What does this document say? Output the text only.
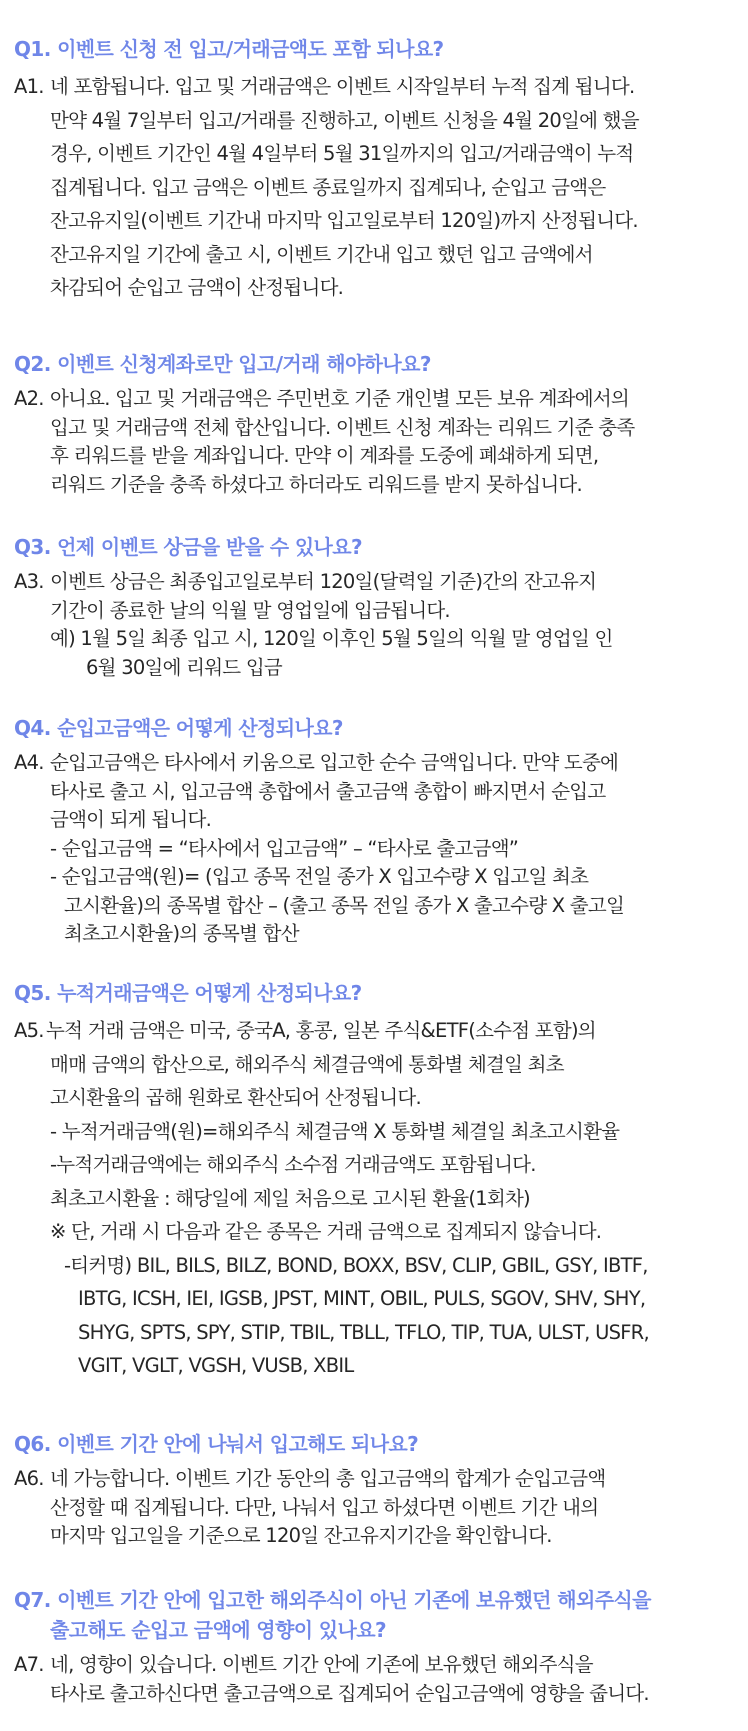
Q1. 이벤트 신청 전 입고/거래금액도 포함 되나요?

A1. 네 포함됩니다. 입고 및 거래금액은 이벤트 시작일부터 누적 집계 됩니다.
만약 4월 7일부터 입고/거래를 진행하고, 이벤트 신청을 4월 20일에 했을
경우, 이벤트 기간인 4월 4일부터 5월 31일까지의 입고/거래금액이 누적
집계됩니다. 입고 금액은 이벤트 종료일까지 집계되나, 순입고 금액은
잔고유지일(이벤트 기간내 마지막 입고일로부터 120일)까지 산정됩니다.
잔고유지일 기간에 출고 시, 이벤트 기간내 입고 했던 입고 금액에서
차감되어 순입고 금액이 산정됩니다.

Q2. 이벤트 신청계좌로만 입고/거래 해야하나요?

A2. 아니요. 입고 및 거래금액은 주민번호 기준 개인별 모든 보유 계좌에서의
입고 및 거래금액 전체 합산입니다. 이벤트 신청 계좌는 리워드 기준 충족
후 리워드를 받을 계좌입니다. 만약 이 계좌를 도중에 폐쇄하게 되면,
리워드 기준을 충족 하셨다고 하더라도 리워드를 받지 못하십니다.

Q3. 언제 이벤트 상금을 받을 수 있나요?

A3. 이벤트 상금은 최종입고일로부터 120일(달력일 기준)간의 잔고유지
기간이 종료한 날의 익월 말 영업일에 입금됩니다.
예) 1월 5일 최종 입고 시, 120일 이후인 5월 5일의 익월 말 영업일 인
6월 30일에 리워드 입금

Q4. 순입고금액은 어떻게 산정되나요?

A4. 순입고금액은 타사에서 키움으로 입고한 순수 금액입니다. 만약 도중에
타사로 출고 시, 입고금액 총합에서 출고금액 총합이 빠지면서 순입고
금액이 되게 됩니다.
- 순입고금액 = “타사에서 입고금액” – “타사로 출고금액”
- 순입고금액(원)= (입고 종목 전일 종가 X 입고수량 X 입고일 최초
고시환율)의 종목별 합산 – (출고 종목 전일 종가 X 출고수량 X 출고일
최초고시환율)의 종목별 합산

Q5. 누적거래금액은 어떻게 산정되나요?

A5. 누적 거래 금액은 미국, 중국A, 홍콩, 일본 주식&ETF(소수점 포함)의
매매 금액의 합산으로, 해외주식 체결금액에 통화별 체결일 최초
고시환율의 곱해 원화로 환산되어 산정됩니다.
- 누적거래금액(원)=해외주식 체결금액 X 통화별 체결일 최초고시환율
-누적거래금액에는 해외주식 소수점 거래금액도 포함됩니다.
최초고시환율 : 해당일에 제일 처음으로 고시된 환율(1회차)
※ 단, 거래 시 다음과 같은 종목은 거래 금액으로 집계되지 않습니다.
-티커명) BIL, BILS, BILZ, BOND, BOXX, BSV, CLIP, GBIL, GSY, IBTF,
IBTG, ICSH, IEI, IGSB, JPST, MINT, OBIL, PULS, SGOV, SHV, SHY,
SHYG, SPTS, SPY, STIP, TBIL, TBLL, TFLO, TIP, TUA, ULST, USFR,
VGIT, VGLT, VGSH, VUSB, XBIL

Q6. 이벤트 기간 안에 나눠서 입고해도 되나요?

A6. 네 가능합니다. 이벤트 기간 동안의 총 입고금액의 합계가 순입고금액
산정할 때 집계됩니다. 다만, 나눠서 입고 하셨다면 이벤트 기간 내의
마지막 입고일을 기준으로 120일 잔고유지기간을 확인합니다.

Q7. 이벤트 기간 안에 입고한 해외주식이 아닌 기존에 보유했던 해외주식을
출고해도 순입고 금액에 영향이 있나요?

A7. 네, 영향이 있습니다. 이벤트 기간 안에 기존에 보유했던 해외주식을
타사로 출고하신다면 출고금액으로 집계되어 순입고금액에 영향을 줍니다.
